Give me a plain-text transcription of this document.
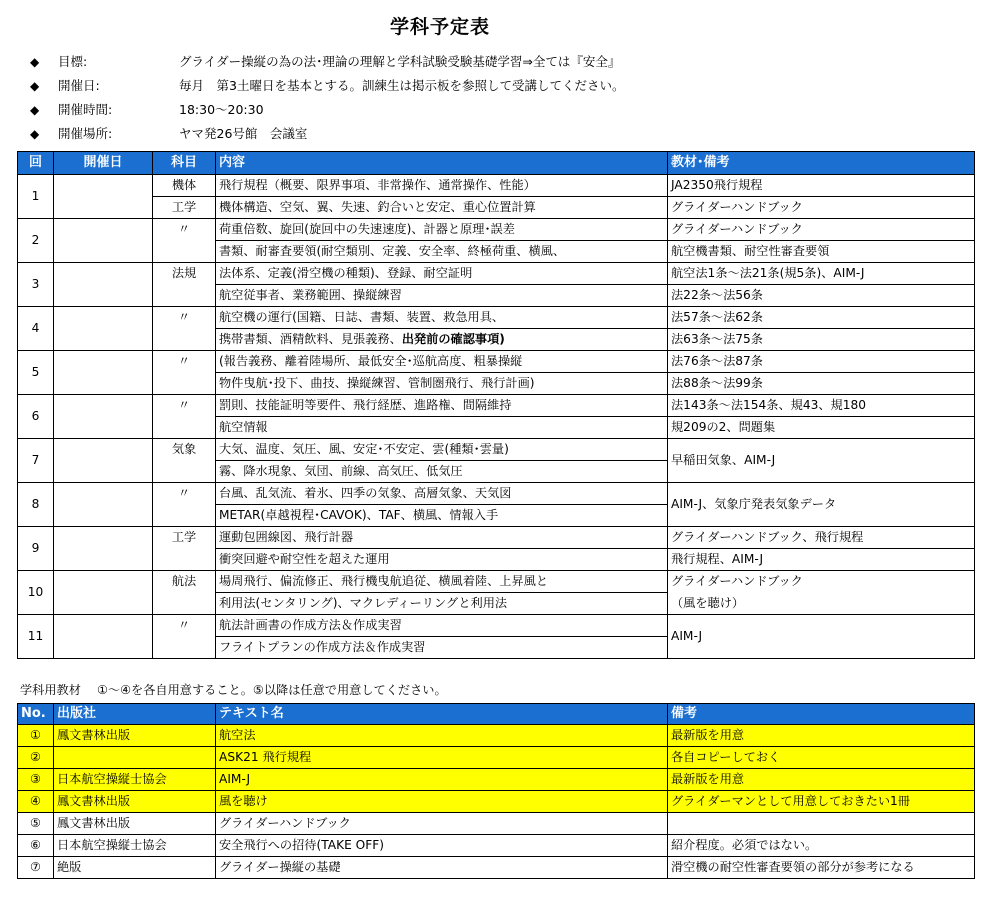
学科予定表
◆	目標:	グライダー操縦の為の法･理論の理解と学科試験受験基礎学習⇒全ては『安全』
◆	開催日:	毎月　第3土曜日を基本とする。訓練生は掲示板を参照して受講してください。
◆	開催時間:	18:30～20:30
◆	開催場所:	ヤマ発26号館　会議室
回	開催日	科目	内容	教材･備考
1		機体	飛行規程（概要、限界事項、非常操作、通常操作、性能）	JA2350飛行規程
		工学	機体構造、空気、翼、失速、釣合いと安定、重心位置計算	グライダーハンドブック
2		〃	荷重倍数、旋回(旋回中の失速速度)、計器と原理･誤差	グライダーハンドブック
			書類、耐審査要領(耐空類別、定義、安全率、終極荷重、横風、	航空機書類、耐空性審査要領
3		法規	法体系、定義(滑空機の種類)、登録、耐空証明	航空法1条～法21条(規5条)、AIM-J
			航空従事者、業務範囲、操縦練習	法22条～法56条
4		〃	航空機の運行(国籍、日誌、書類、装置、救急用具、	法57条～法62条
			携帯書類、酒精飲料、見張義務、出発前の確認事項)	法63条～法75条
5		〃	(報告義務、離着陸場所、最低安全･巡航高度、粗暴操縦	法76条～法87条
			物件曳航･投下、曲技、操縦練習、管制圏飛行、飛行計画)	法88条～法99条
6		〃	罰則、技能証明等要件、飛行経歴、進路権、間隔維持	法143条～法154条、規43、規180
			航空情報	規209の2、問題集
7		気象	大気、温度、気圧、風、安定･不安定、雲(種類･雲量)	早稲田気象、AIM-J
			霧、降水現象、気団、前線、高気圧、低気圧	
8		〃	台風、乱気流、着氷、四季の気象、高層気象、天気図	AIM-J、気象庁発表気象データ
			METAR(卓越視程･CAVOK)、TAF、横風、情報入手	
9		工学	運動包囲線図、飛行計器	グライダーハンドブック、飛行規程
			衝突回避や耐空性を超えた運用	飛行規程、AIM-J
10		航法	場周飛行、偏流修正、飛行機曳航追従、横風着陸、上昇風と	グライダーハンドブック
			利用法(センタリング)、マクレディーリングと利用法	（風を聴け）
11		〃	航法計画書の作成方法＆作成実習	AIM-J
			フライトプランの作成方法＆作成実習	
学科用教材　 ①～④を各自用意すること。⑤以降は任意で用意してください。
No.	出版社	テキスト名	備考
①	鳳文書林出版	航空法	最新版を用意
②		ASK21 飛行規程	各自コピーしておく
③	日本航空操縦士協会	AIM-J	最新版を用意
④	鳳文書林出版	風を聴け	グライダーマンとして用意しておきたい1冊
⑤	鳳文書林出版	グライダーハンドブック	
⑥	日本航空操縦士協会	安全飛行への招待(TAKE OFF)	紹介程度。必須ではない。
⑦	絶版	グライダー操縦の基礎	滑空機の耐空性審査要領の部分が参考になる
